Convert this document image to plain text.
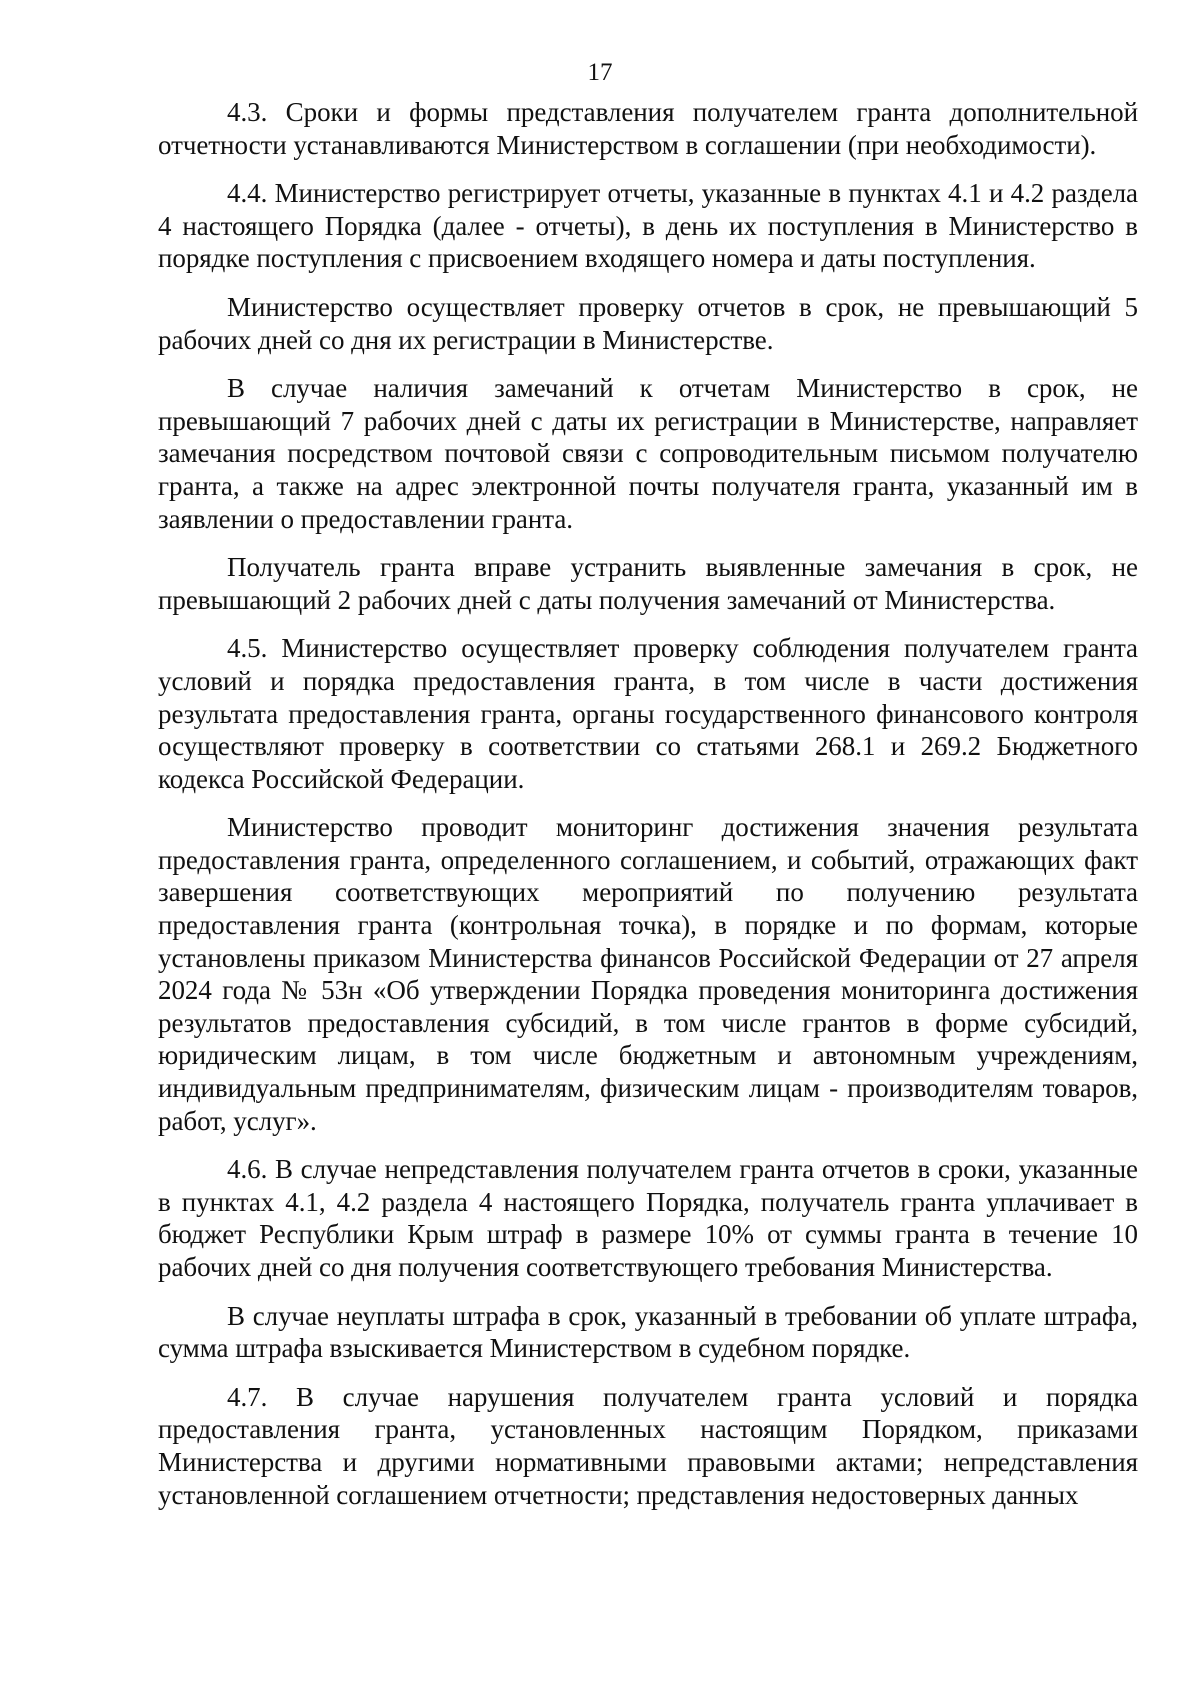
17

4.3. Сроки и формы представления получателем гранта дополнительной отчетности устанавливаются Министерством в соглашении (при необходимости).

4.4. Министерство регистрирует отчеты, указанные в пунктах 4.1 и 4.2 раздела 4 настоящего Порядка (далее - отчеты), в день их поступления в Министерство в порядке поступления с присвоением входящего номера и даты поступления.

Министерство осуществляет проверку отчетов в срок, не превышающий 5 рабочих дней со дня их регистрации в Министерстве.

В случае наличия замечаний к отчетам Министерство в срок, не превышающий 7 рабочих дней с даты их регистрации в Министерстве, направляет замечания посредством почтовой связи с сопроводительным письмом получателю гранта, а также на адрес электронной почты получателя гранта, указанный им в заявлении о предоставлении гранта.

Получатель гранта вправе устранить выявленные замечания в срок, не превышающий 2 рабочих дней с даты получения замечаний от Министерства.

4.5. Министерство осуществляет проверку соблюдения получателем гранта условий и порядка предоставления гранта, в том числе в части достижения результата предоставления гранта, органы государственного финансового контроля осуществляют проверку в соответствии со статьями 268.1 и 269.2 Бюджетного кодекса Российской Федерации.

Министерство проводит мониторинг достижения значения результата предоставления гранта, определенного соглашением, и событий, отражающих факт завершения соответствующих мероприятий по получению результата предоставления гранта (контрольная точка), в порядке и по формам, которые установлены приказом Министерства финансов Российской Федерации от 27 апреля 2024 года № 53н «Об утверждении Порядка проведения мониторинга достижения результатов предоставления субсидий, в том числе грантов в форме субсидий, юридическим лицам, в том числе бюджетным и автономным учреждениям, индивидуальным предпринимателям, физическим лицам - производителям товаров, работ, услуг».

4.6. В случае непредставления получателем гранта отчетов в сроки, указанные в пунктах 4.1, 4.2 раздела 4 настоящего Порядка, получатель гранта уплачивает в бюджет Республики Крым штраф в размере 10% от суммы гранта в течение 10 рабочих дней со дня получения соответствующего требования Министерства.

В случае неуплаты штрафа в срок, указанный в требовании об уплате штрафа, сумма штрафа взыскивается Министерством в судебном порядке.

4.7. В случае нарушения получателем гранта условий и порядка предоставления гранта, установленных настоящим Порядком, приказами Министерства и другими нормативными правовыми актами; непредставления установленной соглашением отчетности; представления недостоверных данных
